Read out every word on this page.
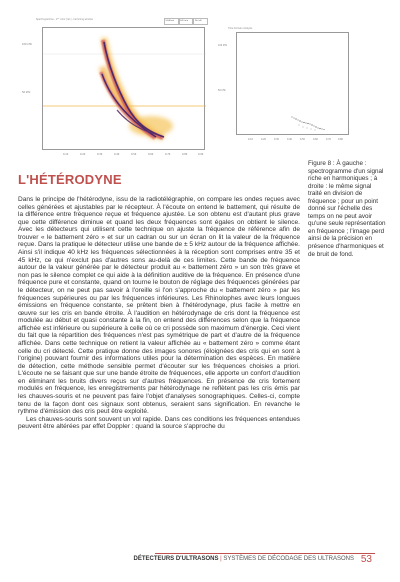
Spectrogramme - 1** color [rel.] - hamming window	5tSE/ind	S/R tn/a	Dir (dl)
100 kHz
50 kHz
0.10	0.20	0.30	0.40	0.50	0.60	0.70	0.80	0.90
Time Domain Analysis
100 kHz
50 kHz
0.10	0.20	0.30	0.40	0.50	0.60	0.70	0.80
Figure 8 : À gauche : spectrogramme d'un signal riche en harmoniques ; à droite : le même signal traité en division de fréquence ; pour un point donné sur l'échelle des temps on ne peut avoir qu'une seule représentation en fréquence ; l'image perd ainsi de la précision en présence d'harmoniques et de bruit de fond.
L'HÉTÉRODYNE

Dans le principe de l'hétérodyne, issu de la radiotélégraphie, on compare les ondes reçues avec celles générées et ajustables par le récepteur. À l'écoute on entend le battement, qui résulte de la différence entre fréquence reçue et fréquence ajustée. Le son obtenu est d'autant plus grave que cette différence diminue et quand les deux fréquences sont égales on obtient le silence. Avec les détecteurs qui utilisent cette technique on ajuste la fréquence de référence afin de trouver « le battement zéro » et sur un cadran ou sur un écran on lit la valeur de la fréquence reçue. Dans la pratique le détecteur utilise une bande de ± 5 kHz autour de la fréquence affichée. Ainsi s'il indique 40 kHz les fréquences sélectionnées à la réception sont comprises entre 35 et 45 kHz, ce qui n'exclut pas d'autres sons au-delà de ces limites. Cette bande de fréquence autour de la valeur générée par le détecteur produit au « battement zéro » un son très grave et non pas le silence complet ce qui aide à la définition auditive de la fréquence. En présence d'une fréquence pure et constante, quand on tourne le bouton de réglage des fréquences générées par le détecteur, on ne peut pas savoir à l'oreille si l'on s'approche du « battement zéro » par les fréquences supérieures ou par les fréquences inférieures. Les Rhinolophes avec leurs longues émissions en fréquence constante, se prêtent bien à l'hétérodynage, plus facile à mettre en œuvre sur les cris en bande étroite. À l'audition en hétérodynage de cris dont la fréquence est modulée au début et quasi constante à la fin, on entend des différences selon que la fréquence affichée est inférieure ou supérieure à celle où ce cri possède son maximum d'énergie. Ceci vient du fait que la répartition des fréquences n'est pas symétrique de part et d'autre de la fréquence affichée. Dans cette technique on retient la valeur affichée au « battement zéro » comme étant celle du cri détecté. Cette pratique donne des images sonores (éloignées des cris qui en sont à l'origine) pouvant fournir des informations utiles pour la détermination des espèces. En matière de détection, cette méthode sensible permet d'écouter sur les fréquences choisies a priori. L'écoute ne se faisant que sur une bande étroite de fréquences, elle apporte un confort d'audition en éliminant les bruits divers reçus sur d'autres fréquences. En présence de cris fortement modulés en fréquence, les enregistrements par hétérodynage ne reflètent pas les cris émis par les chauves-souris et ne peuvent pas faire l'objet d'analyses sonographiques. Celles-ci, compte tenu de la façon dont ces signaux sont obtenus, seraient sans signification. En revanche le rythme d'émission des cris peut être exploité.

Les chauves-souris sont souvent un vol rapide. Dans ces conditions les fréquences entendues peuvent être altérées par effet Doppler : quand la source s'approche du

DÉTECTEURS D'ULTRASONS | SYSTÈMES DE DÉCODAGE DES ULTRASONS 53
